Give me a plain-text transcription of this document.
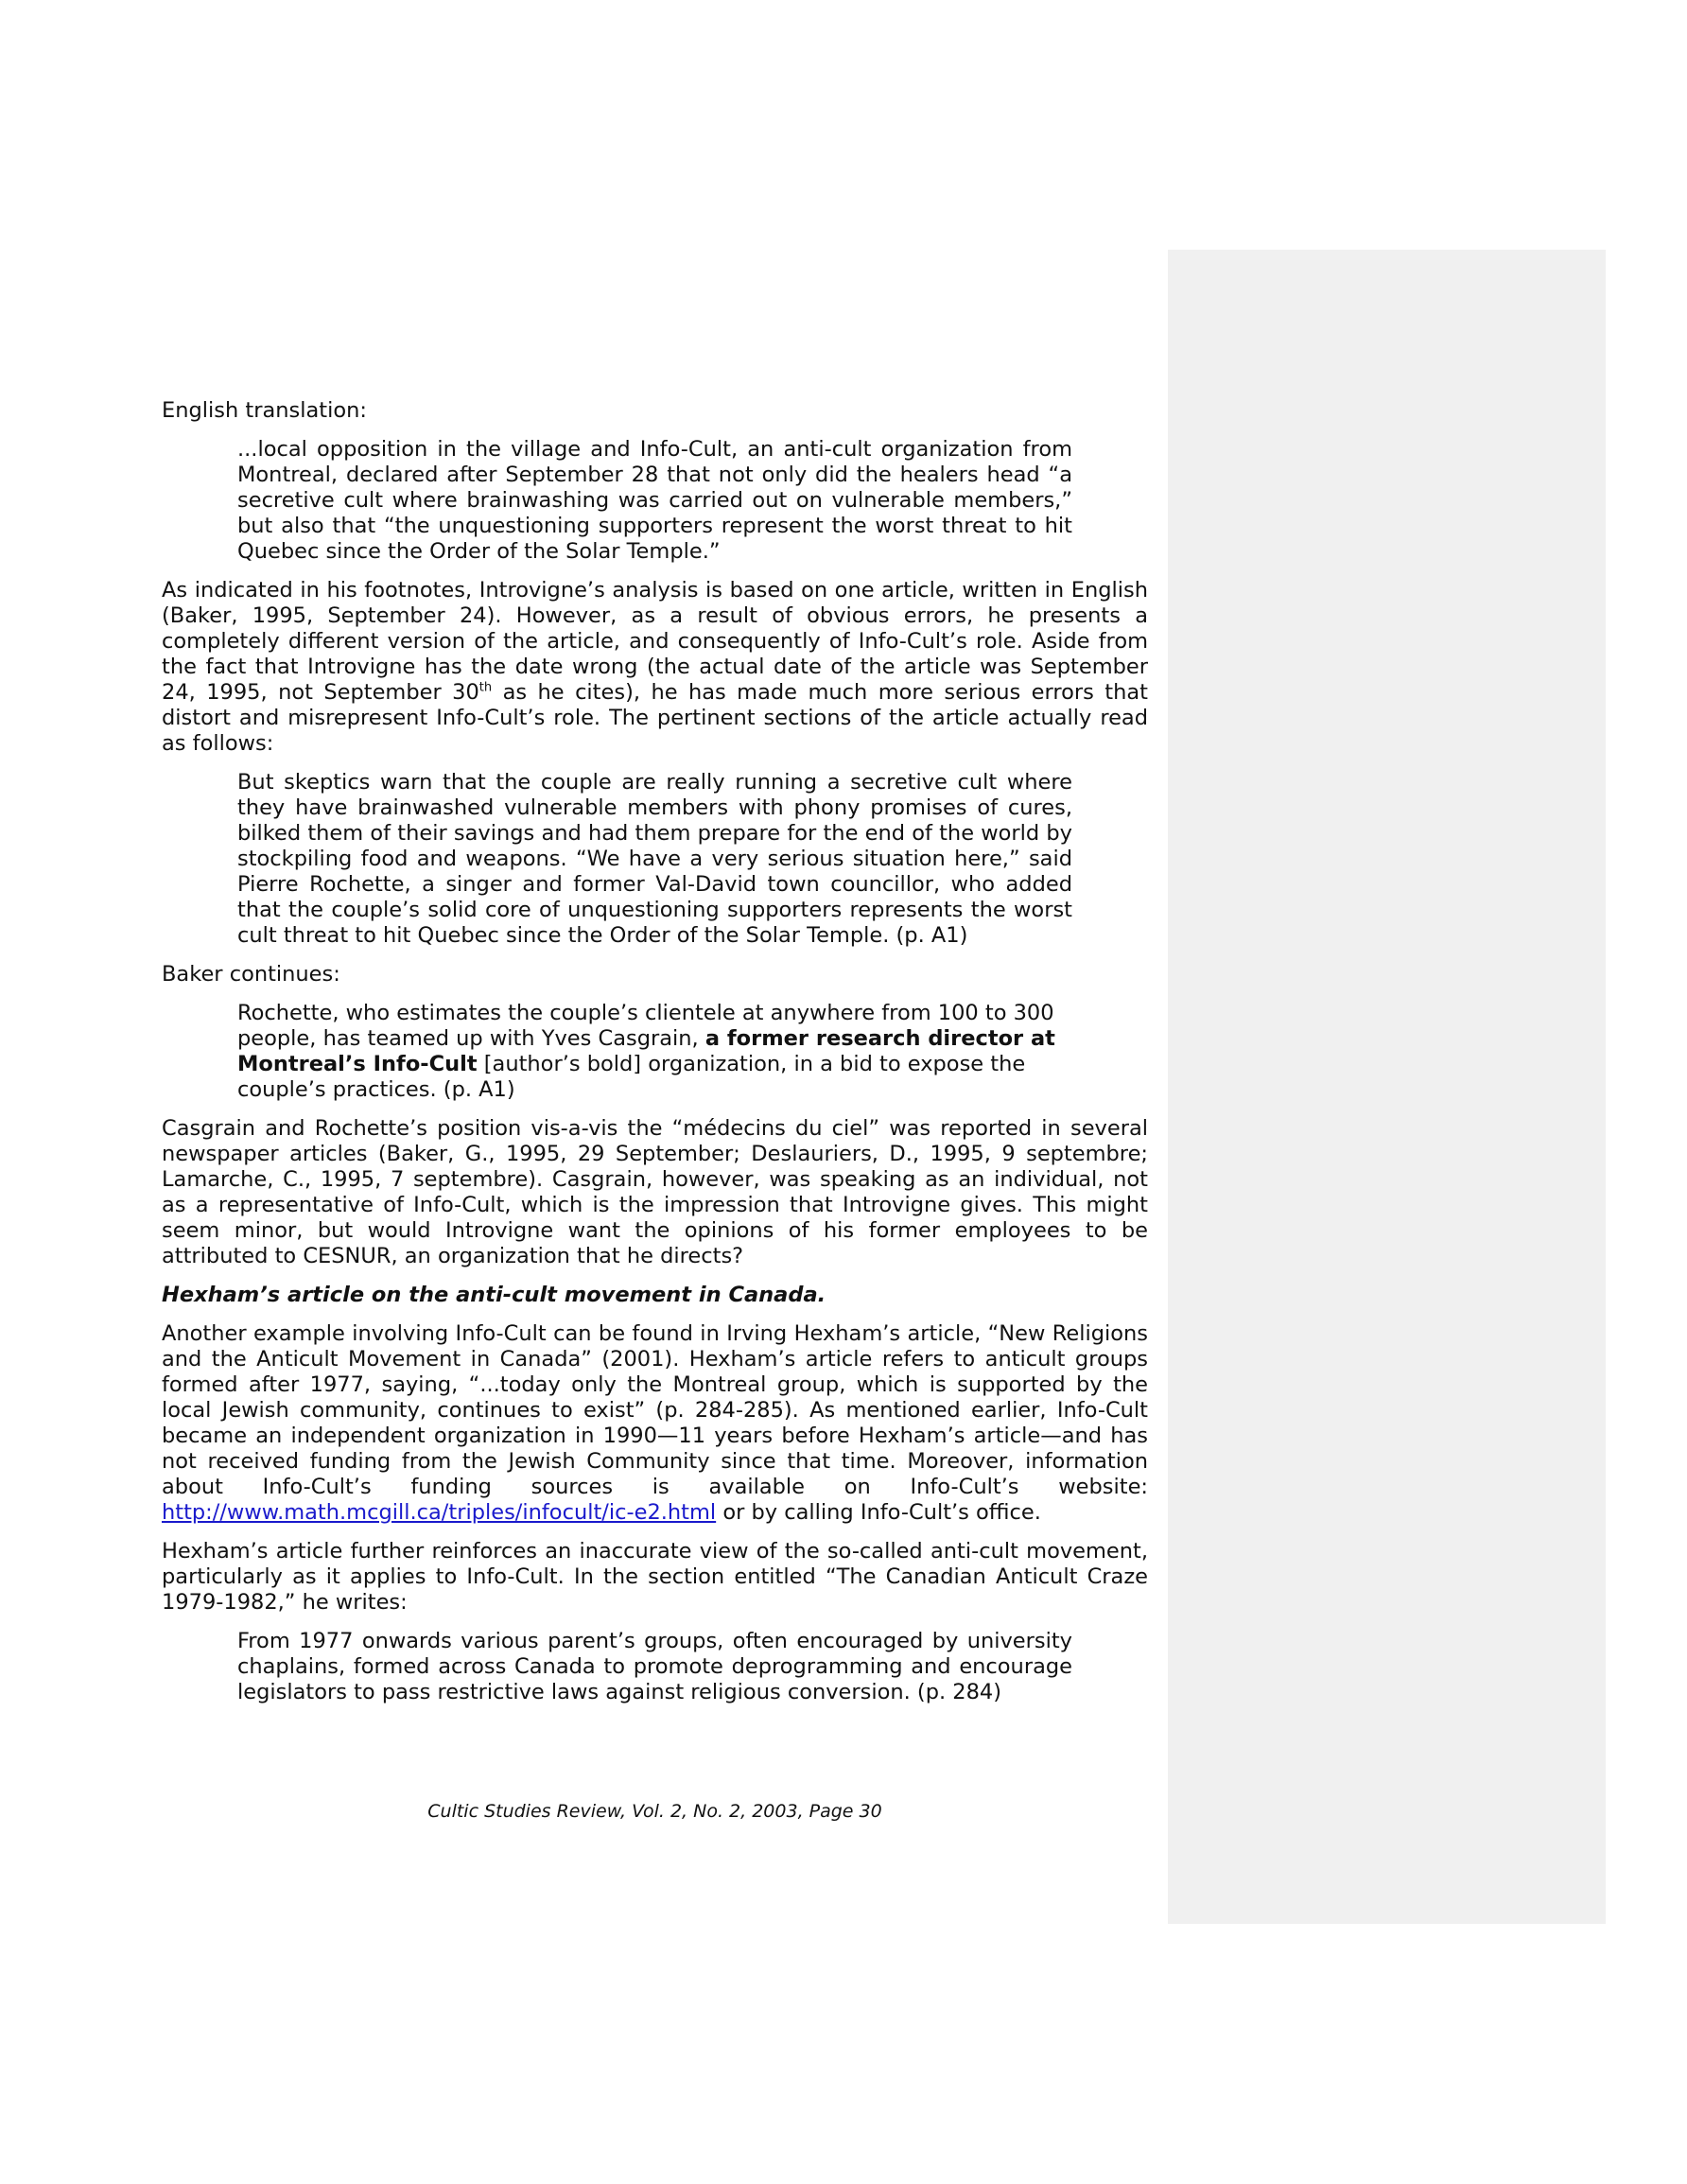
English translation:

...local opposition in the village and Info-Cult, an anti-cult organization from Montreal, declared after September 28 that not only did the healers head “a secretive cult where brainwashing was carried out on vulnerable members,” but also that “the unquestioning supporters represent the worst threat to hit Quebec since the Order of the Solar Temple.”

As indicated in his footnotes, Introvigne’s analysis is based on one article, written in English (Baker, 1995, September 24). However, as a result of obvious errors, he presents a completely different version of the article, and consequently of Info-Cult’s role. Aside from the fact that Introvigne has the date wrong (the actual date of the article was September 24, 1995, not September 30th as he cites), he has made much more serious errors that distort and misrepresent Info-Cult’s role. The pertinent sections of the article actually read as follows:

But skeptics warn that the couple are really running a secretive cult where they have brainwashed vulnerable members with phony promises of cures, bilked them of their savings and had them prepare for the end of the world by stockpiling food and weapons. “We have a very serious situation here,” said Pierre Rochette, a singer and former Val-David town councillor, who added that the couple’s solid core of unquestioning supporters represents the worst cult threat to hit Quebec since the Order of the Solar Temple. (p. A1)

Baker continues:

Rochette, who estimates the couple’s clientele at anywhere from 100 to 300 people, has teamed up with Yves Casgrain, a former research director at Montreal’s Info-Cult [author’s bold] organization, in a bid to expose the couple’s practices. (p. A1)

Casgrain and Rochette’s position vis-a-vis the “médecins du ciel” was reported in several newspaper articles (Baker, G., 1995, 29 September; Deslauriers, D., 1995, 9 septembre; Lamarche, C., 1995, 7 septembre). Casgrain, however, was speaking as an individual, not as a representative of Info-Cult, which is the impression that Introvigne gives. This might seem minor, but would Introvigne want the opinions of his former employees to be attributed to CESNUR, an organization that he directs?

Hexham’s article on the anti-cult movement in Canada.

Another example involving Info-Cult can be found in Irving Hexham’s article, “New Religions and the Anticult Movement in Canada” (2001). Hexham’s article refers to anticult groups formed after 1977, saying, “...today only the Montreal group, which is supported by the local Jewish community, continues to exist” (p. 284-285). As mentioned earlier, Info-Cult became an independent organization in 1990—11 years before Hexham’s article—and has not received funding from the Jewish Community since that time. Moreover, information about Info-Cult’s funding sources is available on Info-Cult’s website:
http://www.math.mcgill.ca/triples/infocult/ic-e2.html or by calling Info-Cult’s office.

Hexham’s article further reinforces an inaccurate view of the so-called anti-cult movement, particularly as it applies to Info-Cult. In the section entitled “The Canadian Anticult Craze 1979-1982,” he writes:

From 1977 onwards various parent’s groups, often encouraged by university chaplains, formed across Canada to promote deprogramming and encourage legislators to pass restrictive laws against religious conversion. (p. 284)

Cultic Studies Review, Vol. 2, No. 2, 2003, Page 30
